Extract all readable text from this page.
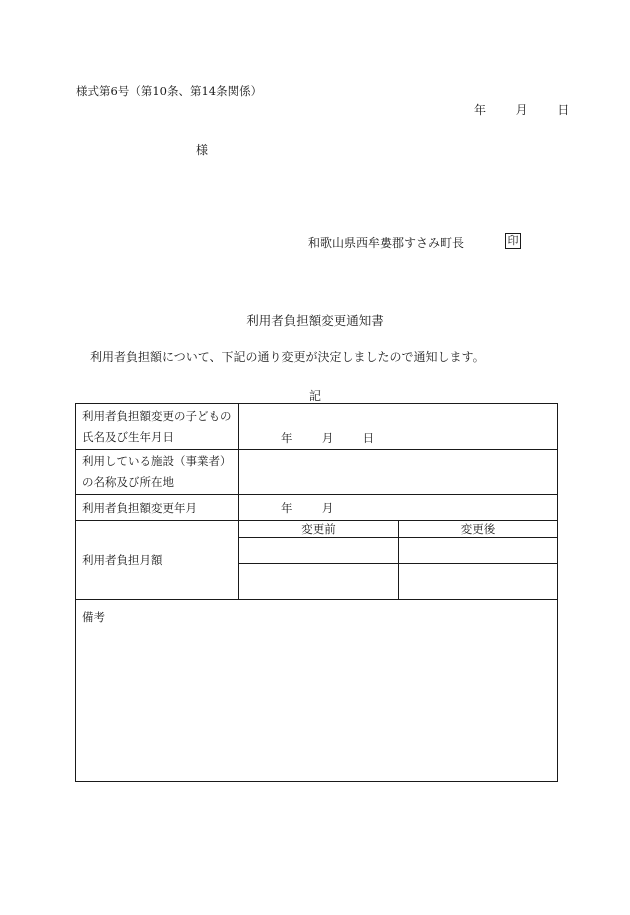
様式第6号（第10条、第14条関係）
年 月 日
様
和歌山県西牟婁郡すさみ町長	印
利用者負担額変更通知書
利用者負担額について、下記の通り変更が決定しましたので通知します。
記
利用者負担額変更の子どもの氏名及び生年月日	年 月 日	
利用している施設（事業者）の名称及び所在地		
利用者負担額変更年月	年 月	
利用者負担月額	変更前	変更後

備考		
